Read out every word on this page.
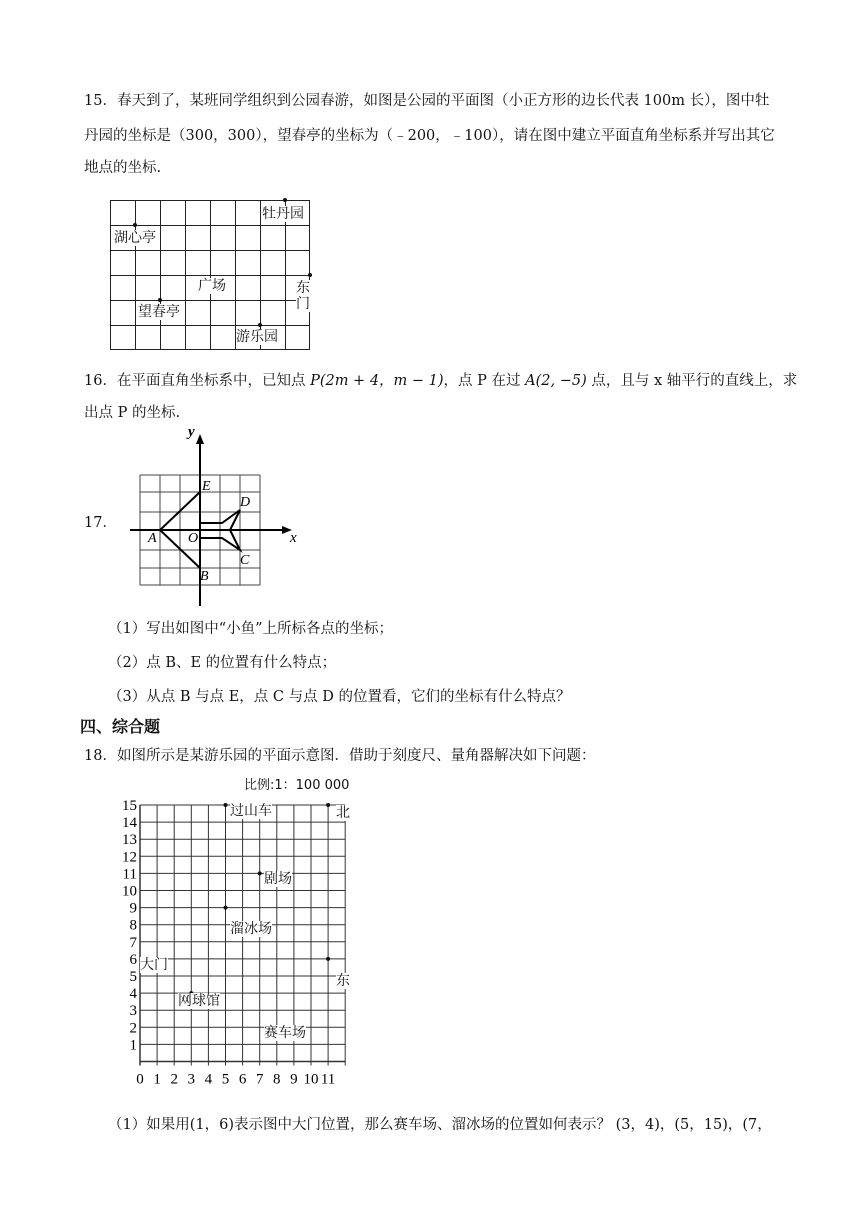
15．春天到了，某班同学组织到公园春游，如图是公园的平面图（小正方形的边长代表 100m 长），图中牡
丹园的坐标是（300，300），望春亭的坐标为（﹣200，﹣100），请在图中建立平面直角坐标系并写出其它
地点的坐标.
牡丹园
湖心亭
广场	东门
望春亭
游乐园
16．在平面直角坐标系中，已知点 P(2m + 4，m − 1)，点 P 在过 A(2, −5) 点，且与 x 轴平行的直线上，求
出点 P 的坐标.
17．
y
x
E
D
A O
C
B
（1）写出如图中“小鱼”上所标各点的坐标；
（2）点 B、E 的位置有什么特点；
（3）从点 B 与点 E，点 C 与点 D 的位置看，它们的坐标有什么特点？
四、综合题
18．如图所示是某游乐园的平面示意图．借助于刻度尺、量角器解决如下问题：
15
14
13
12
11
10
9
8
7
6
5
4
3
2
1
0 1 2 3 4 5 6 7 8 9 10 11
比例:1：100 000
北
东
过山车
剧场
溜冰场
大门
网球馆
赛车场
（1）如果用(1，6)表示图中大门位置，那么赛车场、溜冰场的位置如何表示？ (3，4)，(5，15)，(7，
